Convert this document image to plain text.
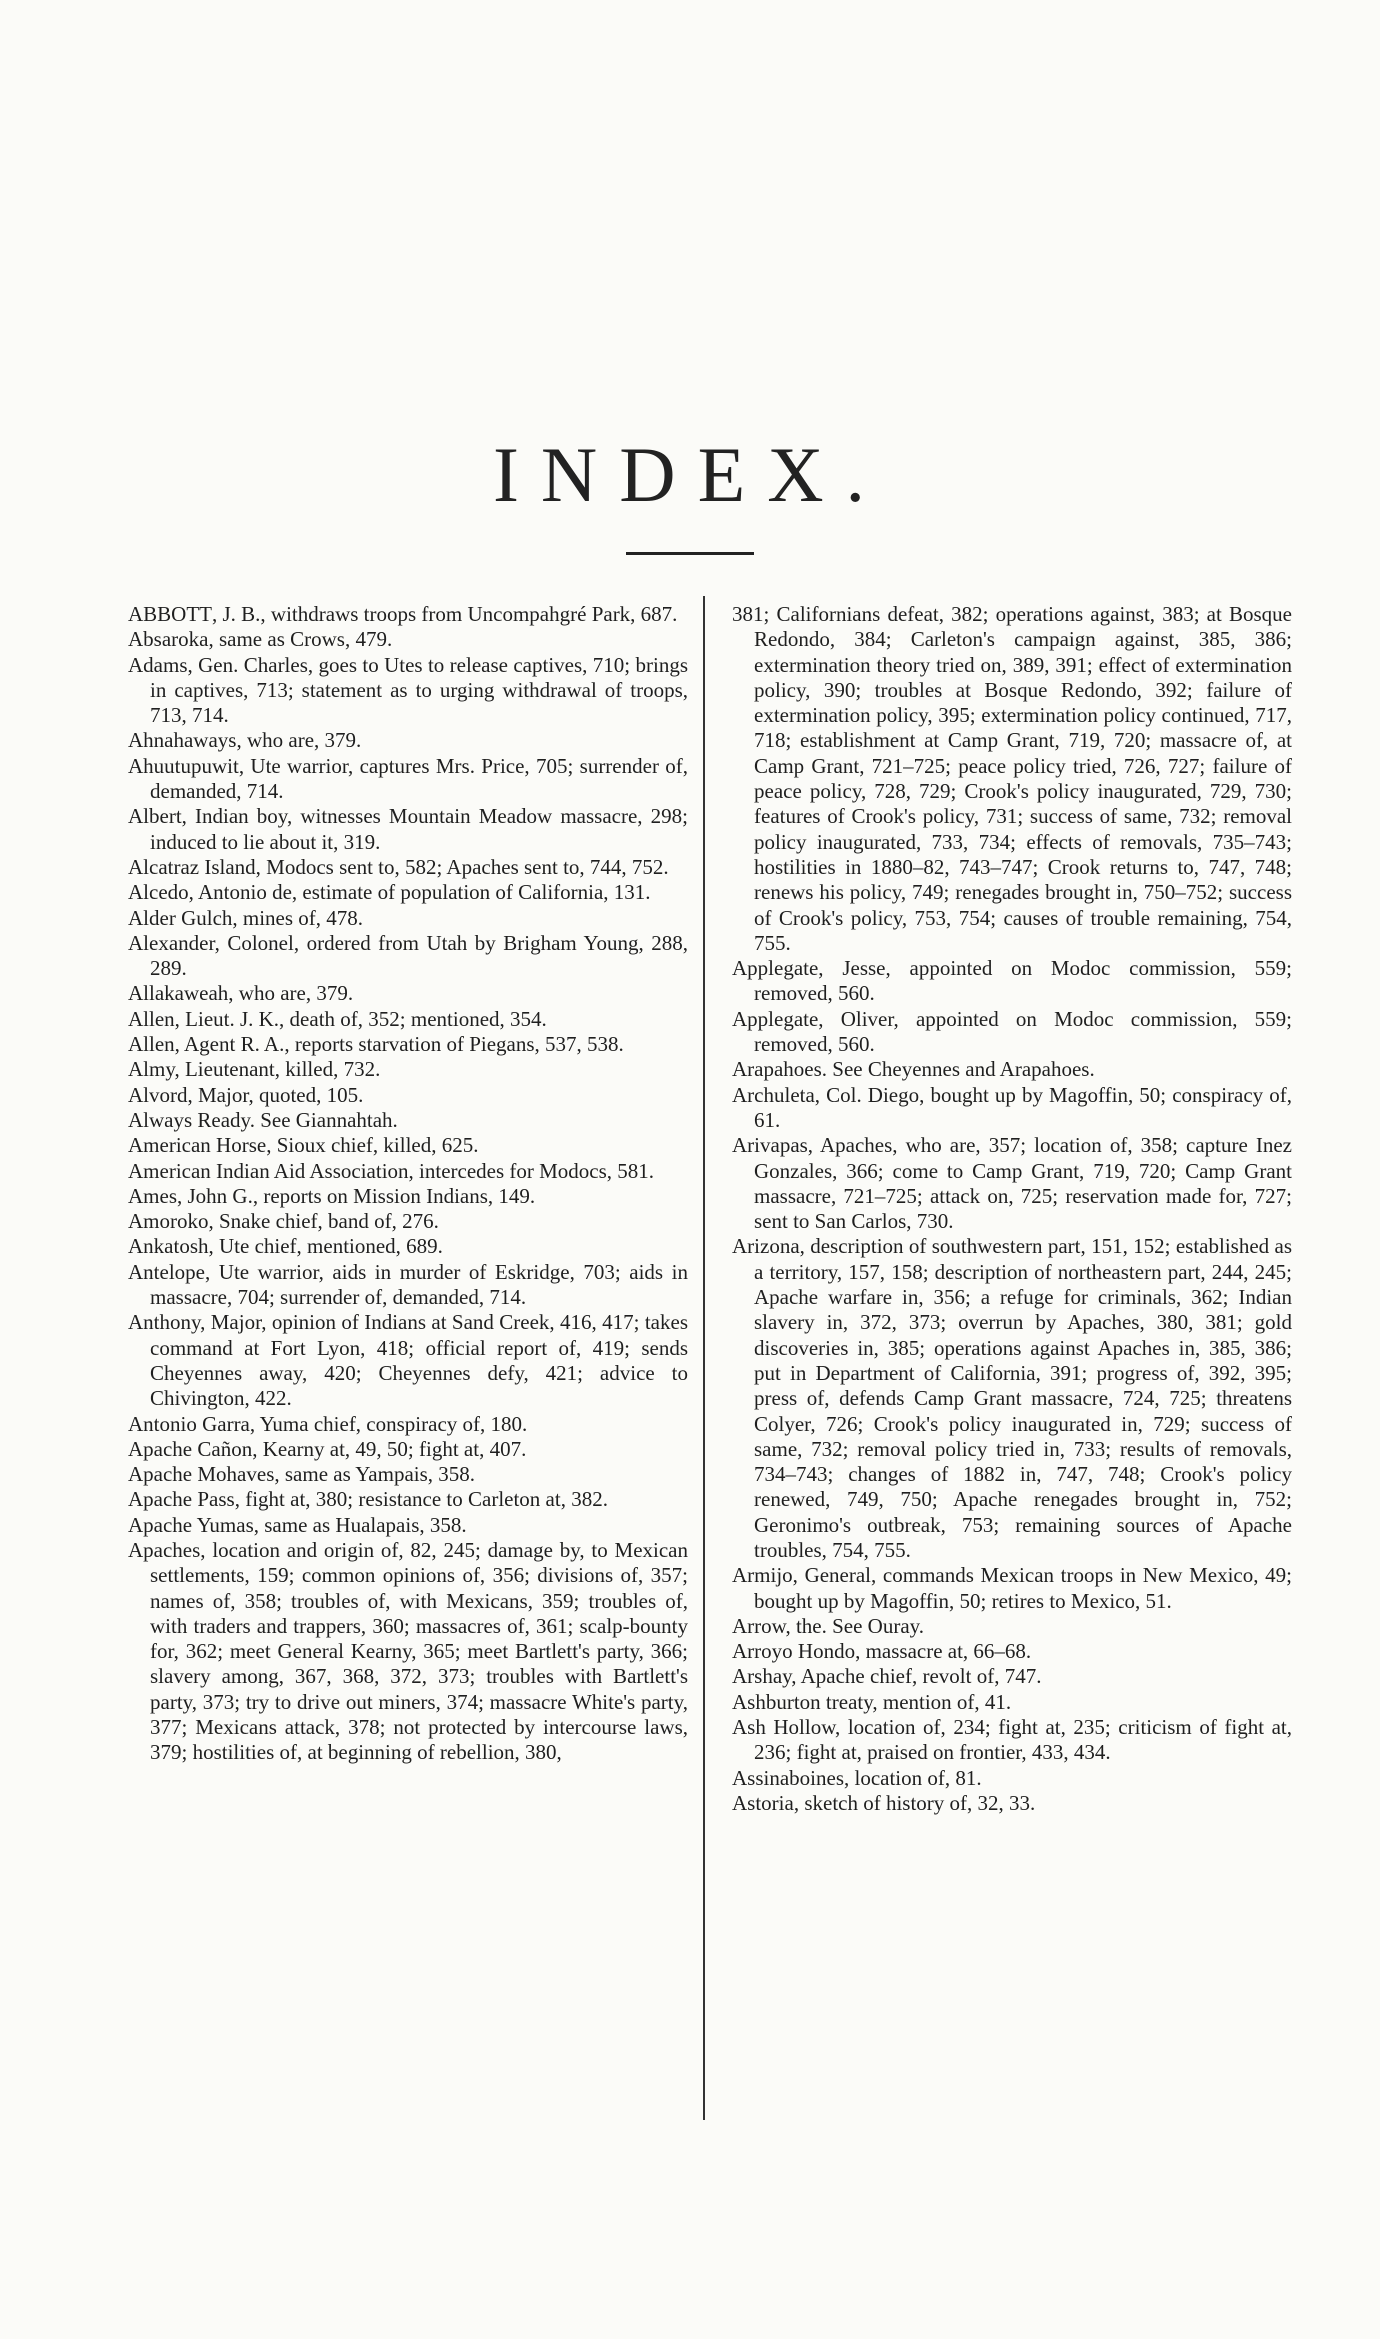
INDEX.

ABBOTT, J. B., withdraws troops from Uncompahgré Park, 687.

Absaroka, same as Crows, 479.

Adams, Gen. Charles, goes to Utes to release captives, 710; brings in captives, 713; statement as to urging withdrawal of troops, 713, 714.

Ahnahaways, who are, 379.

Ahuutupuwit, Ute warrior, captures Mrs. Price, 705; surrender of, demanded, 714.

Albert, Indian boy, witnesses Mountain Meadow massacre, 298; induced to lie about it, 319.

Alcatraz Island, Modocs sent to, 582; Apaches sent to, 744, 752.

Alcedo, Antonio de, estimate of population of California, 131.

Alder Gulch, mines of, 478.

Alexander, Colonel, ordered from Utah by Brigham Young, 288, 289.

Allakaweah, who are, 379.

Allen, Lieut. J. K., death of, 352; mentioned, 354.

Allen, Agent R. A., reports starvation of Piegans, 537, 538.

Almy, Lieutenant, killed, 732.

Alvord, Major, quoted, 105.

Always Ready. See Giannahtah.

American Horse, Sioux chief, killed, 625.

American Indian Aid Association, intercedes for Modocs, 581.

Ames, John G., reports on Mission Indians, 149.

Amoroko, Snake chief, band of, 276.

Ankatosh, Ute chief, mentioned, 689.

Antelope, Ute warrior, aids in murder of Eskridge, 703; aids in massacre, 704; surrender of, demanded, 714.

Anthony, Major, opinion of Indians at Sand Creek, 416, 417; takes command at Fort Lyon, 418; official report of, 419; sends Cheyennes away, 420; Cheyennes defy, 421; advice to Chivington, 422.

Antonio Garra, Yuma chief, conspiracy of, 180.

Apache Cañon, Kearny at, 49, 50; fight at, 407.

Apache Mohaves, same as Yampais, 358.

Apache Pass, fight at, 380; resistance to Carleton at, 382.

Apache Yumas, same as Hualapais, 358.

Apaches, location and origin of, 82, 245; damage by, to Mexican settlements, 159; common opinions of, 356; divisions of, 357; names of, 358; troubles of, with Mexicans, 359; troubles of, with traders and trappers, 360; massacres of, 361; scalp-bounty for, 362; meet General Kearny, 365; meet Bartlett's party, 366; slavery among, 367, 368, 372, 373; troubles with Bartlett's party, 373; try to drive out miners, 374; massacre White's party, 377; Mexicans attack, 378; not protected by intercourse laws, 379; hostilities of, at beginning of rebellion, 380,

381; Californians defeat, 382; operations against, 383; at Bosque Redondo, 384; Carleton's campaign against, 385, 386; extermination theory tried on, 389, 391; effect of extermination policy, 390; troubles at Bosque Redondo, 392; failure of extermination policy, 395; extermination policy continued, 717, 718; establishment at Camp Grant, 719, 720; massacre of, at Camp Grant, 721–725; peace policy tried, 726, 727; failure of peace policy, 728, 729; Crook's policy inaugurated, 729, 730; features of Crook's policy, 731; success of same, 732; removal policy inaugurated, 733, 734; effects of removals, 735–743; hostilities in 1880–82, 743–747; Crook returns to, 747, 748; renews his policy, 749; renegades brought in, 750–752; success of Crook's policy, 753, 754; causes of trouble remaining, 754, 755.

Applegate, Jesse, appointed on Modoc commission, 559; removed, 560.

Applegate, Oliver, appointed on Modoc commission, 559; removed, 560.

Arapahoes. See Cheyennes and Arapahoes.

Archuleta, Col. Diego, bought up by Magoffin, 50; conspiracy of, 61.

Arivapas, Apaches, who are, 357; location of, 358; capture Inez Gonzales, 366; come to Camp Grant, 719, 720; Camp Grant massacre, 721–725; attack on, 725; reservation made for, 727; sent to San Carlos, 730.

Arizona, description of southwestern part, 151, 152; established as a territory, 157, 158; description of northeastern part, 244, 245; Apache warfare in, 356; a refuge for criminals, 362; Indian slavery in, 372, 373; overrun by Apaches, 380, 381; gold discoveries in, 385; operations against Apaches in, 385, 386; put in Department of California, 391; progress of, 392, 395; press of, defends Camp Grant massacre, 724, 725; threatens Colyer, 726; Crook's policy inaugurated in, 729; success of same, 732; removal policy tried in, 733; results of removals, 734–743; changes of 1882 in, 747, 748; Crook's policy renewed, 749, 750; Apache renegades brought in, 752; Geronimo's outbreak, 753; remaining sources of Apache troubles, 754, 755.

Armijo, General, commands Mexican troops in New Mexico, 49; bought up by Magoffin, 50; retires to Mexico, 51.

Arrow, the. See Ouray.

Arroyo Hondo, massacre at, 66–68.

Arshay, Apache chief, revolt of, 747.

Ashburton treaty, mention of, 41.

Ash Hollow, location of, 234; fight at, 235; criticism of fight at, 236; fight at, praised on frontier, 433, 434.

Assinaboines, location of, 81.

Astoria, sketch of history of, 32, 33.
